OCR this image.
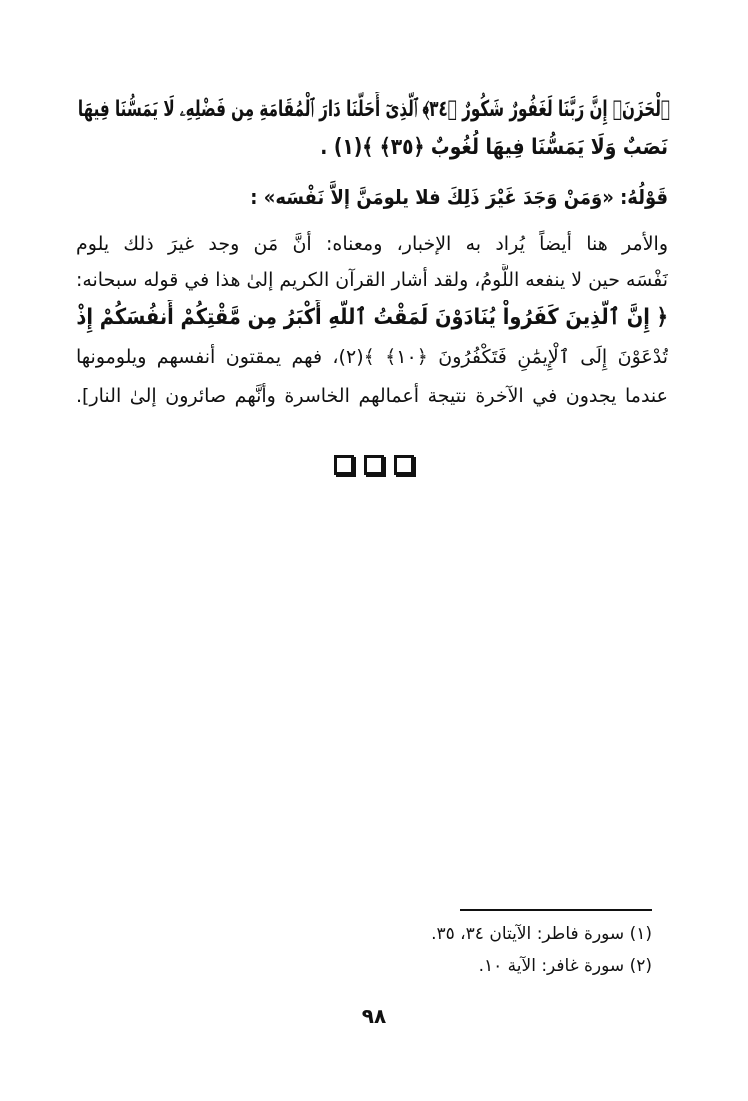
ٱلْحَزَنَۖ إِنَّ رَبَّنَا لَغَفُورٌ شَكُورٌ ﴿٣٤﴾ ٱلَّذِىٓ أَحَلَّنَا دَارَ ٱلْمُقَامَةِ مِن فَضْلِهِۦ لَا يَمَسُّنَا فِيهَا
نَصَبٌ وَلَا يَمَسُّنَا فِيهَا لُغُوبٌ ﴿٣٥﴾ ﴾(١) .
قَوْلُهُ: «وَمَنْ وَجَدَ غَيْرَ ذَلِكَ فلا يلومَنَّ إلاَّ نَفْسَه» :
والأمر هنا أيضاً يُراد به الإخبار، ومعناه: أنَّ مَن وجد غيرَ ذلك يلوم
نَفْسَه حين لا ينفعه اللَّومُ، ولقد أشار القرآن الكريم إلىٰ هذا في قوله سبحانه:
﴿ إِنَّ ٱلَّذِينَ كَفَرُواْ يُنَادَوْنَ لَمَقْتُ ٱللَّهِ أَكْبَرُ مِن مَّقْتِكُمْ أَنفُسَكُمْ إِذْ
تُدْعَوْنَ إِلَى ٱلْإِيمَٰنِ فَتَكْفُرُونَ ﴿١٠﴾ ﴾(٢)، فهم يمقتون أنفسهم ويلومونها
عندما يجدون في الآخرة نتيجة أعمالهم الخاسرة وأنَّهم صائرون إلىٰ النار].
(١) سورة فاطر: الآيتان ٣٤، ٣٥.
(٢) سورة غافر: الآية ١٠.
٩٨
